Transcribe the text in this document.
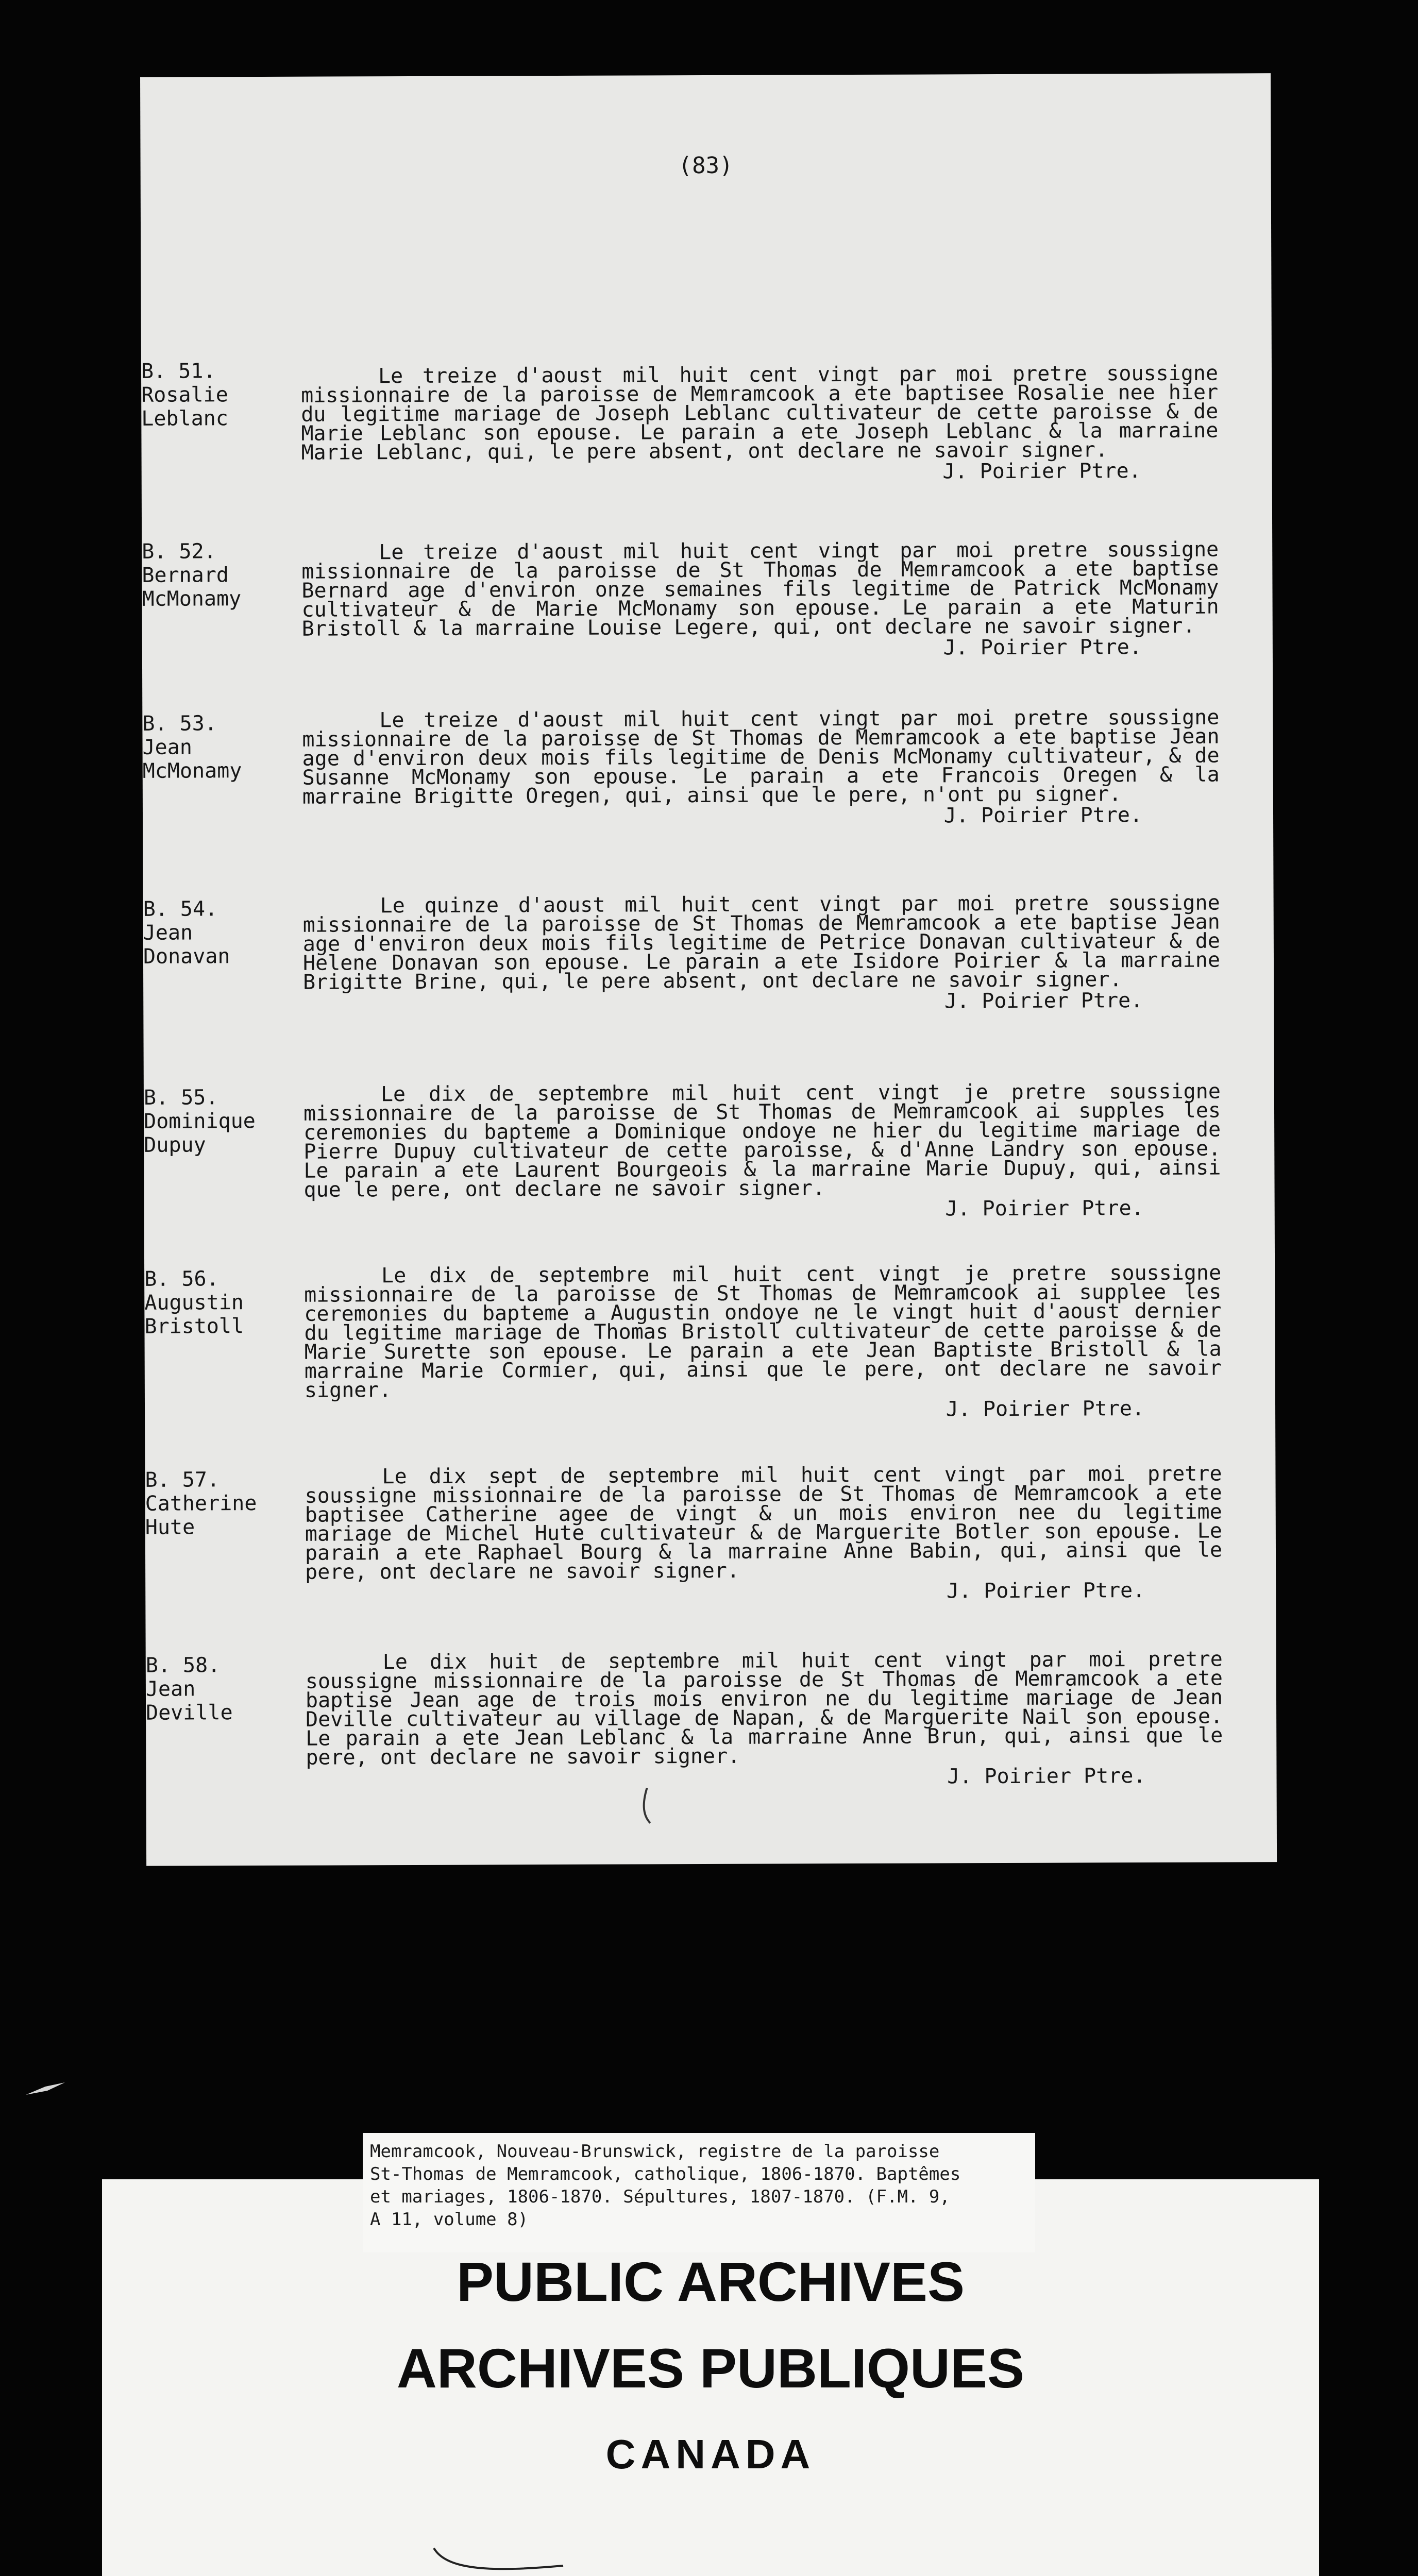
(83)
B. 51.
Rosalie
Leblanc

Le treize d'aoust mil huit cent vingt par moi pretre soussigne missionnaire de la paroisse de Memramcook a ete baptisee Rosalie nee hier du legitime mariage de Joseph Leblanc cultivateur de cette paroisse & de Marie Leblanc son epouse. Le parain a ete Joseph Leblanc & la marraine Marie Leblanc, qui, le pere absent, ont declare ne savoir signer.

J. Poirier Ptre.
B. 52.
Bernard
McMonamy

Le treize d'aoust mil huit cent vingt par moi pretre soussigne missionnaire de la paroisse de St Thomas de Memramcook a ete baptise Bernard age d'environ onze semaines fils legitime de Patrick McMonamy cultivateur & de Marie McMonamy son epouse. Le parain a ete Maturin Bristoll & la marraine Louise Legere, qui, ont declare ne savoir signer.

J. Poirier Ptre.
B. 53.
Jean
McMonamy

Le treize d'aoust mil huit cent vingt par moi pretre soussigne missionnaire de la paroisse de St Thomas de Memramcook a ete baptise Jean age d'environ deux mois fils legitime de Denis McMonamy cultivateur, & de Susanne McMonamy son epouse. Le parain a ete Francois Oregen & la marraine Brigitte Oregen, qui, ainsi que le pere, n'ont pu signer.

J. Poirier Ptre.
B. 54.
Jean
Donavan

Le quinze d'aoust mil huit cent vingt par moi pretre soussigne missionnaire de la paroisse de St Thomas de Memramcook a ete baptise Jean age d'environ deux mois fils legitime de Petrice Donavan cultivateur & de Helene Donavan son epouse. Le parain a ete Isidore Poirier & la marraine Brigitte Brine, qui, le pere absent, ont declare ne savoir signer.

J. Poirier Ptre.
B. 55.
Dominique
Dupuy

Le dix de septembre mil huit cent vingt je pretre soussigne missionnaire de la paroisse de St Thomas de Memramcook ai supples les ceremonies du bapteme a Dominique ondoye ne hier du legitime mariage de Pierre Dupuy cultivateur de cette paroisse, & d'Anne Landry son epouse. Le parain a ete Laurent Bourgeois & la marraine Marie Dupuy, qui, ainsi que le pere, ont declare ne savoir signer.

J. Poirier Ptre.
B. 56.
Augustin
Bristoll

Le dix de septembre mil huit cent vingt je pretre soussigne missionnaire de la paroisse de St Thomas de Memramcook ai supplee les ceremonies du bapteme a Augustin ondoye ne le vingt huit d'aoust dernier du legitime mariage de Thomas Bristoll cultivateur de cette paroisse & de Marie Surette son epouse. Le parain a ete Jean Baptiste Bristoll & la marraine Marie Cormier, qui, ainsi que le pere, ont declare ne savoir signer.

J. Poirier Ptre.
B. 57.
Catherine
Hute

Le dix sept de septembre mil huit cent vingt par moi pretre soussigne missionnaire de la paroisse de St Thomas de Memramcook a ete baptisee Catherine agee de vingt & un mois environ nee du legitime mariage de Michel Hute cultivateur & de Marguerite Botler son epouse. Le parain a ete Raphael Bourg & la marraine Anne Babin, qui, ainsi que le pere, ont declare ne savoir signer.

J. Poirier Ptre.
B. 58.
Jean
Deville

Le dix huit de septembre mil huit cent vingt par moi pretre soussigne missionnaire de la paroisse de St Thomas de Memramcook a ete baptise Jean age de trois mois environ ne du legitime mariage de Jean Deville cultivateur au village de Napan, & de Marguerite Nail son epouse. Le parain a ete Jean Leblanc & la marraine Anne Brun, qui, ainsi que le pere, ont declare ne savoir signer.

J. Poirier Ptre.
Memramcook, Nouveau-Brunswick, registre de la paroisse
St-Thomas de Memramcook, catholique, 1806-1870. Baptêmes
et mariages, 1806-1870. Sépultures, 1807-1870. (F.M. 9,
A 11, volume 8)
PUBLIC ARCHIVES
ARCHIVES PUBLIQUES
CANADA
